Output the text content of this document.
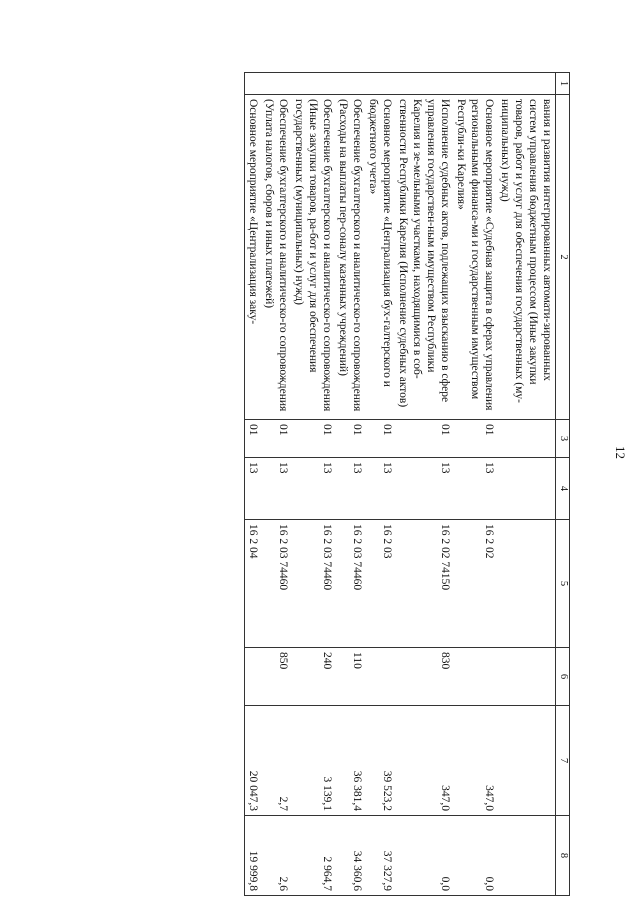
12
1	2	3	4	5	6	7	8
	вания и развития интегрированных автомати-зированных систем управления бюджетным процессом (Иные закупки товаров, работ и услуг для обеспечения государственных (му-ниципальных) нужд)						
	Основное мероприятие «Судебная защита в сферах управления региональными финанса-ми и государственным имуществом Республи-ки Карелия»	01	13	16 2 02		347,0	0,0
	Исполнение судебных актов, подлежащих взысканию в сфере управления государствен-ным имуществом Республики Карелия и зе-мельными участками, находящимися в соб-ственности Республики Карелия (Исполнение судебных актов)	01	13	16 2 02 74150	830	347,0	0,0
	Основное мероприятие «Централизация бух-галтерского и бюджетного учета»	01	13	16 2 03		39 523,2	37 327,9
	Обеспечение бухгалтерского и аналитическо-го сопровождения (Расходы на выплаты пер-соналу казенных учреждений)	01	13	16 2 03 74460	110	36 381,4	34 360,6
	Обеспечение бухгалтерского и аналитическо-го сопровождения (Иные закупки товаров, ра-бот и услуг для обеспечения государственных (муниципальных) нужд)	01	13	16 2 03 74460	240	3 139,1	2 964,7
	Обеспечение бухгалтерского и аналитическо-го сопровождения (Уплата налогов, сборов и иных платежей)	01	13	16 2 03 74460	850	2,7	2,6
	Основное мероприятие «Централизация заку-	01	13	16 2 04		20 047,3	19 999,8
